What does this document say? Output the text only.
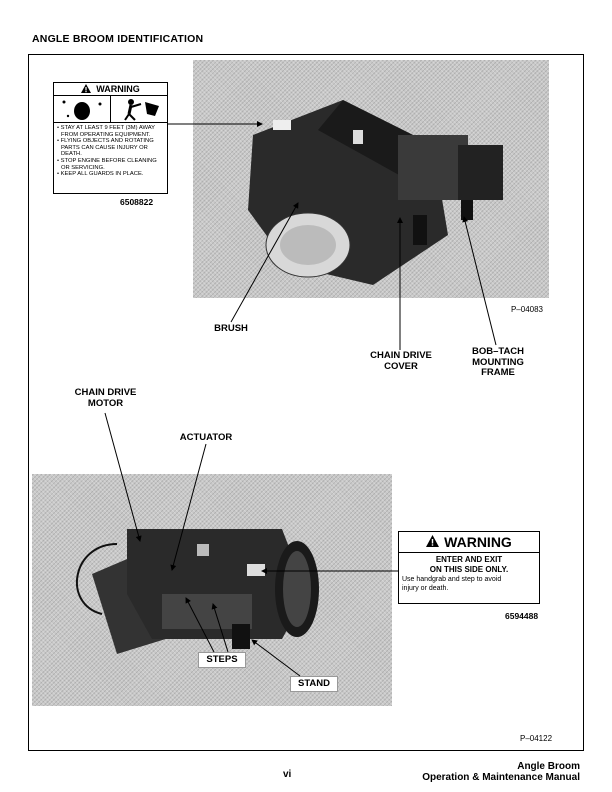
ANGLE BROOM IDENTIFICATION
P–04083
WARNING
• STAY AT LEAST 9 FEET (3M) AWAY FROM OPERATING EQUIPMENT.
• FLYING OBJECTS AND ROTATING PARTS CAN CAUSE INJURY OR DEATH.
• STOP ENGINE BEFORE CLEANING OR SERVICING.
• KEEP ALL GUARDS IN PLACE.
6508822
P–04122
WARNING
ENTER AND EXIT
ON THIS SIDE ONLY.
Use handgrab and step to avoid
injury or death.
6594488
BRUSH
CHAIN DRIVE
COVER
BOB–TACH
MOUNTING
FRAME
CHAIN DRIVE
MOTOR
ACTUATOR
STEPS
STAND
vi
Angle Broom
Operation & Maintenance Manual
